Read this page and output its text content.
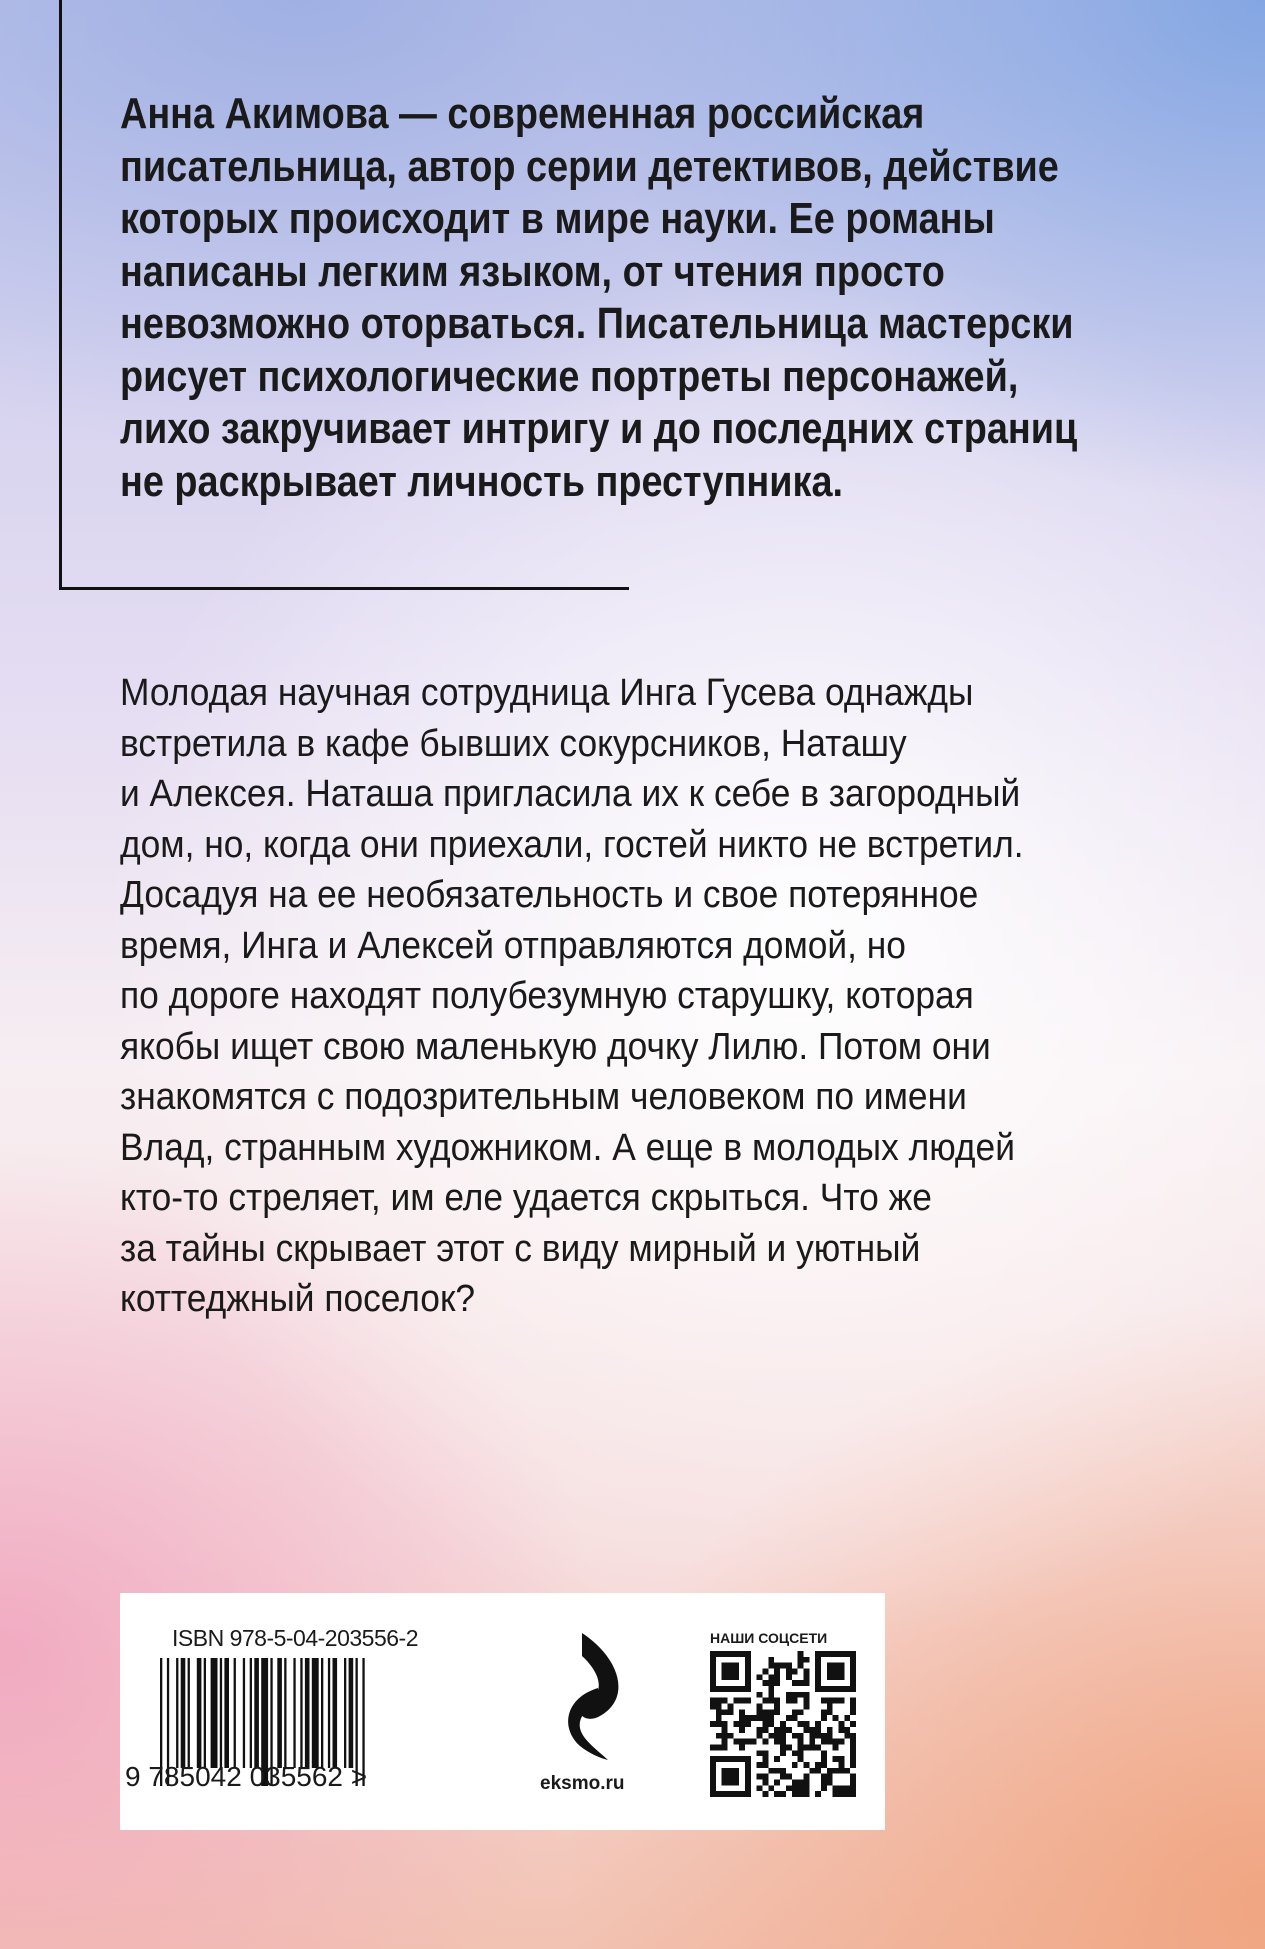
Анна Акимова — современная российская
писательница, автор серии детективов, действие
которых происходит в мире науки. Ее романы
написаны легким языком, от чтения просто
невозможно оторваться. Писательница мастерски
рисует психологические портреты персонажей,
лихо закручивает интригу и до последних страниц
не раскрывает личность преступника.
Молодая научная сотрудница Инга Гусева однажды
встретила в кафе бывших сокурсников, Наташу
и Алексея. Наташа пригласила их к себе в загородный
дом, но, когда они приехали, гостей никто не встретил.
Досадуя на ее необязательность и свое потерянное
время, Инга и Алексей отправляются домой, но
по дороге находят полубезумную старушку, которая
якобы ищет свою маленькую дочку Лилю. Потом они
знакомятся с подозрительным человеком по имени
Влад, странным художником. А еще в молодых людей
кто-то стреляет, им еле удается скрыться. Что же
за тайны скрывает этот с виду мирный и уютный
коттеджный поселок?
ISBN 978-5-04-203556-2
9 785042 035562 >	eksmo.ru
НАШИ СОЦСЕТИ
